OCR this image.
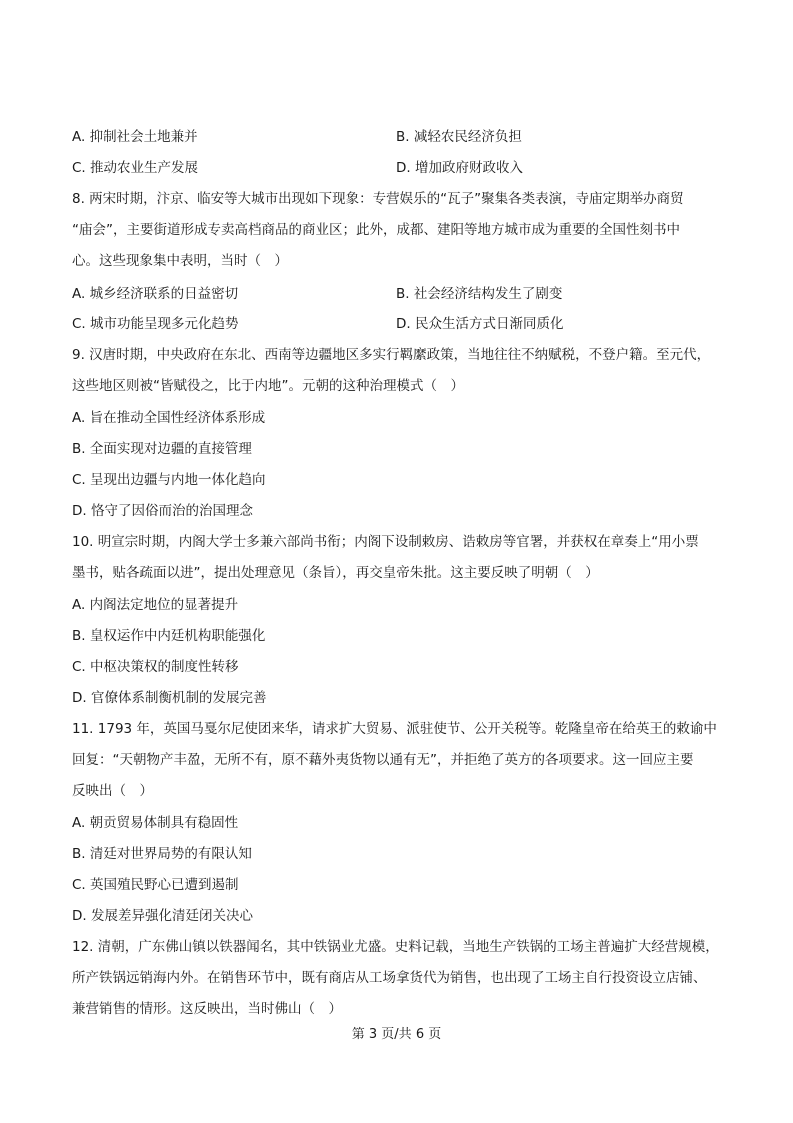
A. 抑制社会土地兼并	B. 减轻农民经济负担
C. 推动农业生产发展	D. 增加政府财政收入
8. 两宋时期，汴京、临安等大城市出现如下现象：专营娱乐的“瓦子”聚集各类表演，寺庙定期举办商贸
“庙会”，主要街道形成专卖高档商品的商业区；此外，成都、建阳等地方城市成为重要的全国性刻书中
心。这些现象集中表明，当时（　）
A. 城乡经济联系的日益密切	B. 社会经济结构发生了剧变
C. 城市功能呈现多元化趋势	D. 民众生活方式日渐同质化
9. 汉唐时期，中央政府在东北、西南等边疆地区多实行羁縻政策，当地往往不纳赋税，不登户籍。至元代，
这些地区则被“皆赋役之，比于内地”。元朝的这种治理模式（　）
A. 旨在推动全国性经济体系形成
B. 全面实现对边疆的直接管理
C. 呈现出边疆与内地一体化趋向
D. 恪守了因俗而治的治国理念
10. 明宣宗时期，内阁大学士多兼六部尚书衔；内阁下设制敕房、诰敕房等官署，并获权在章奏上“用小票
墨书，贴各疏面以进”，提出处理意见（条旨），再交皇帝朱批。这主要反映了明朝（　）
A. 内阁法定地位的显著提升
B. 皇权运作中内廷机构职能强化
C. 中枢决策权的制度性转移
D. 官僚体系制衡机制的发展完善
11. 1793 年，英国马戛尔尼使团来华，请求扩大贸易、派驻使节、公开关税等。乾隆皇帝在给英王的敕谕中
回复：“天朝物产丰盈，无所不有，原不藉外夷货物以通有无”，并拒绝了英方的各项要求。这一回应主要
反映出（　）
A. 朝贡贸易体制具有稳固性
B. 清廷对世界局势的有限认知
C. 英国殖民野心已遭到遏制
D. 发展差异强化清廷闭关决心
12. 清朝，广东佛山镇以铁器闻名，其中铁锅业尤盛。史料记载，当地生产铁锅的工场主普遍扩大经营规模，
所产铁锅远销海内外。在销售环节中，既有商店从工场拿货代为销售，也出现了工场主自行投资设立店铺、
兼营销售的情形。这反映出，当时佛山（　）
第 3 页/共 6 页
